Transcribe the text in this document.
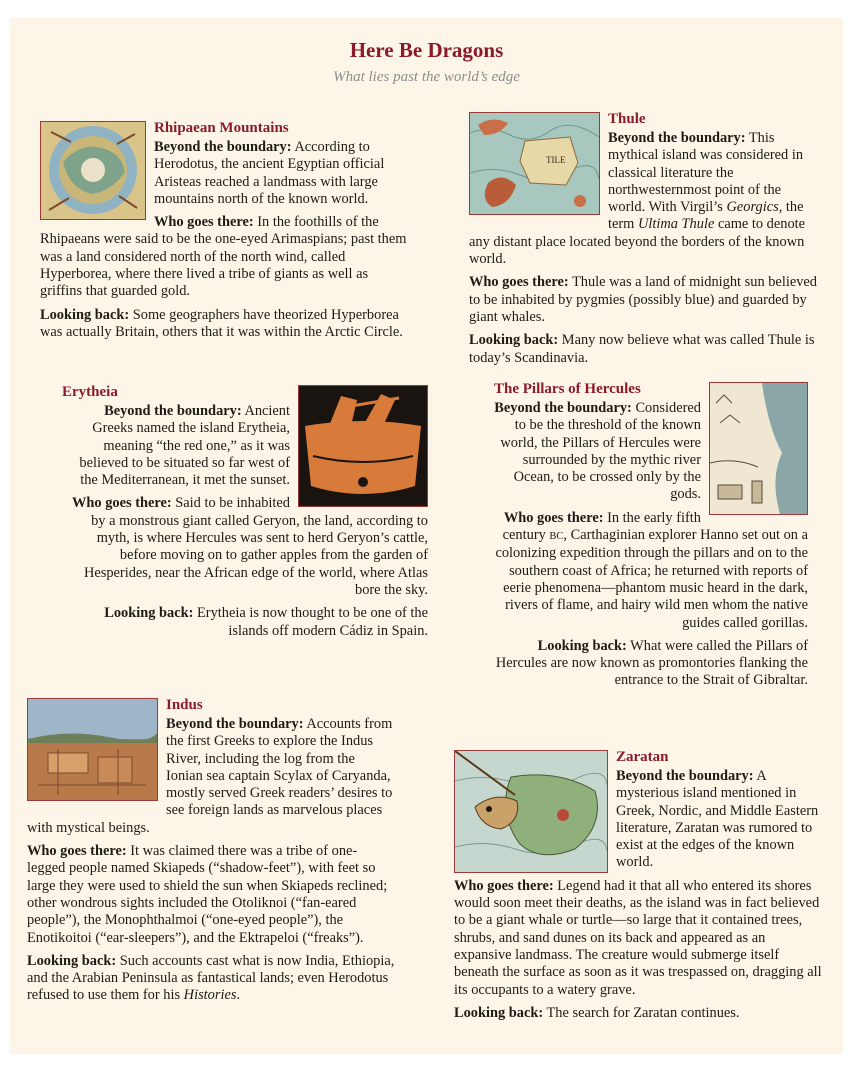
Here Be Dragons
What lies past the world’s edge
Rhipaean Mountains

Beyond the boundary: According to Herodotus, the ancient Egyptian official Aristeas reached a landmass with large mountains north of the known world.

Who goes there: In the foothills of the Rhipaeans were said to be the one-eyed Arimaspians; past them was a land considered north of the north wind, called Hyperborea, where there lived a tribe of giants as well as griffins that guarded gold.

Looking back: Some geographers have theorized Hyperborea was actually Britain, others that it was within the Arctic Circle.

TILE
Thule

Beyond the boundary: This mythical island was considered in classical literature the northwesternmost point of the world. With Virgil’s Georgics, the term Ultima Thule came to denote any distant place located beyond the borders of the known world.

Who goes there: Thule was a land of midnight sun believed to be inhabited by pygmies (possibly blue) and guarded by giant whales.

Looking back: Many now believe what was called Thule is today’s Scandinavia.

Erytheia

Beyond the boundary: Ancient Greeks named the island Erytheia, meaning “the red one,” as it was believed to be situated so far west of the Mediterranean, it met the sunset.

Who goes there: Said to be inhabited by a monstrous giant called Geryon, the land, according to myth, is where Hercules was sent to herd Geryon’s cattle, before moving on to gather apples from the garden of Hesperides, near the African edge of the world, where Atlas bore the sky.

Looking back: Erytheia is now thought to be one of the islands off modern Cádiz in Spain.

The Pillars of Hercules

Beyond the boundary: Considered to be the threshold of the known world, the Pillars of Hercules were surrounded by the mythic river Ocean, to be crossed only by the gods.

Who goes there: In the early fifth century BC, Carthaginian explorer Hanno set out on a colonizing expedition through the pillars and on to the southern coast of Africa; he returned with reports of eerie phenomena—phantom music heard in the dark, rivers of flame, and hairy wild men whom the native guides called gorillas.

Looking back: What were called the Pillars of Hercules are now known as promontories flanking the entrance to the Strait of Gibraltar.

Indus

Beyond the boundary: Accounts from the first Greeks to explore the Indus River, including the log from the Ionian sea captain Scylax of Caryanda, mostly served Greek readers’ desires to see foreign lands as marvelous places with mystical beings.

Who goes there: It was claimed there was a tribe of one-legged people named Skiapeds (“shadow-feet”), with feet so large they were used to shield the sun when Skiapeds reclined; other wondrous sights included the Otoliknoi (“fan-eared people”), the Monophthalmoi (“one-eyed people”), the Enotikoitoi (“ear-sleepers”), and the Ektrapeloi (“freaks”).

Looking back: Such accounts cast what is now India, Ethiopia, and the Arabian Peninsula as fantastical lands; even Herodotus refused to use them for his Histories.

Zaratan

Beyond the boundary: A mysterious island mentioned in Greek, Nordic, and Middle Eastern literature, Zaratan was rumored to exist at the edges of the known world.

Who goes there: Legend had it that all who entered its shores would soon meet their deaths, as the island was in fact believed to be a giant whale or turtle—so large that it contained trees, shrubs, and sand dunes on its back and appeared as an expansive landmass. The creature would submerge itself beneath the surface as soon as it was trespassed on, dragging all its occupants to a watery grave.

Looking back: The search for Zaratan continues.
